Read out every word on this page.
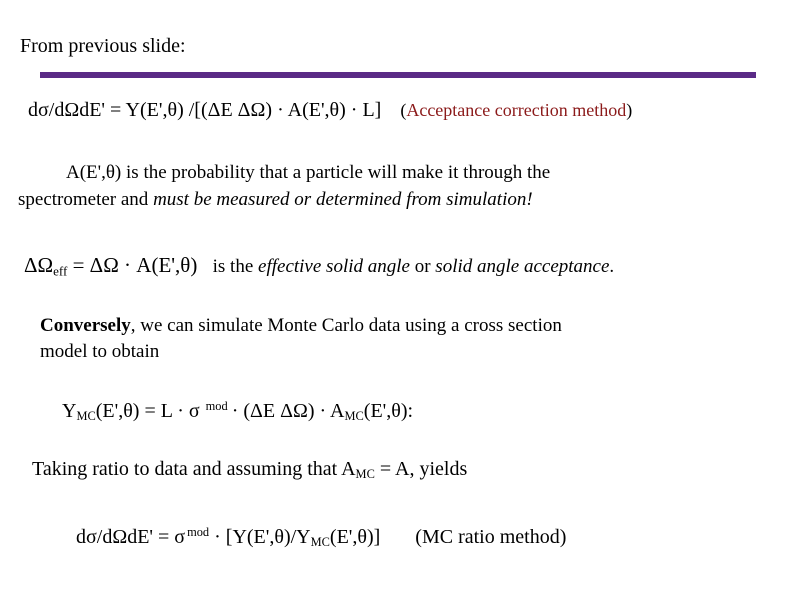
From previous slide:
dσ/dΩdE' = Y(E',θ) /[(ΔE ΔΩ) · A(E',θ) · L] (Acceptance correction method)
A(E',θ) is the probability that a particle will make it through the
spectrometer and must be measured or determined from simulation!
$\Delta\Omega_{eff} = \Delta\Omega \cdot A(E',\theta)$ is the effective solid angle or solid angle acceptance.
Conversely, we can simulate Monte Carlo data using a cross section
model to obtain
$Y_{MC}(E',\theta) = L \cdot \sigma$ $^{mod}$ · (ΔE $\Delta\Omega) \cdot A_{MC}(E',\theta)$:
Taking ratio to data and assuming that $A_{MC} = A$, yields
dσ/dΩdE' = σ $^{mod} \cdot [Y(E',\theta)/Y_{MC}(E',\theta)]$ (MC ratio method)
